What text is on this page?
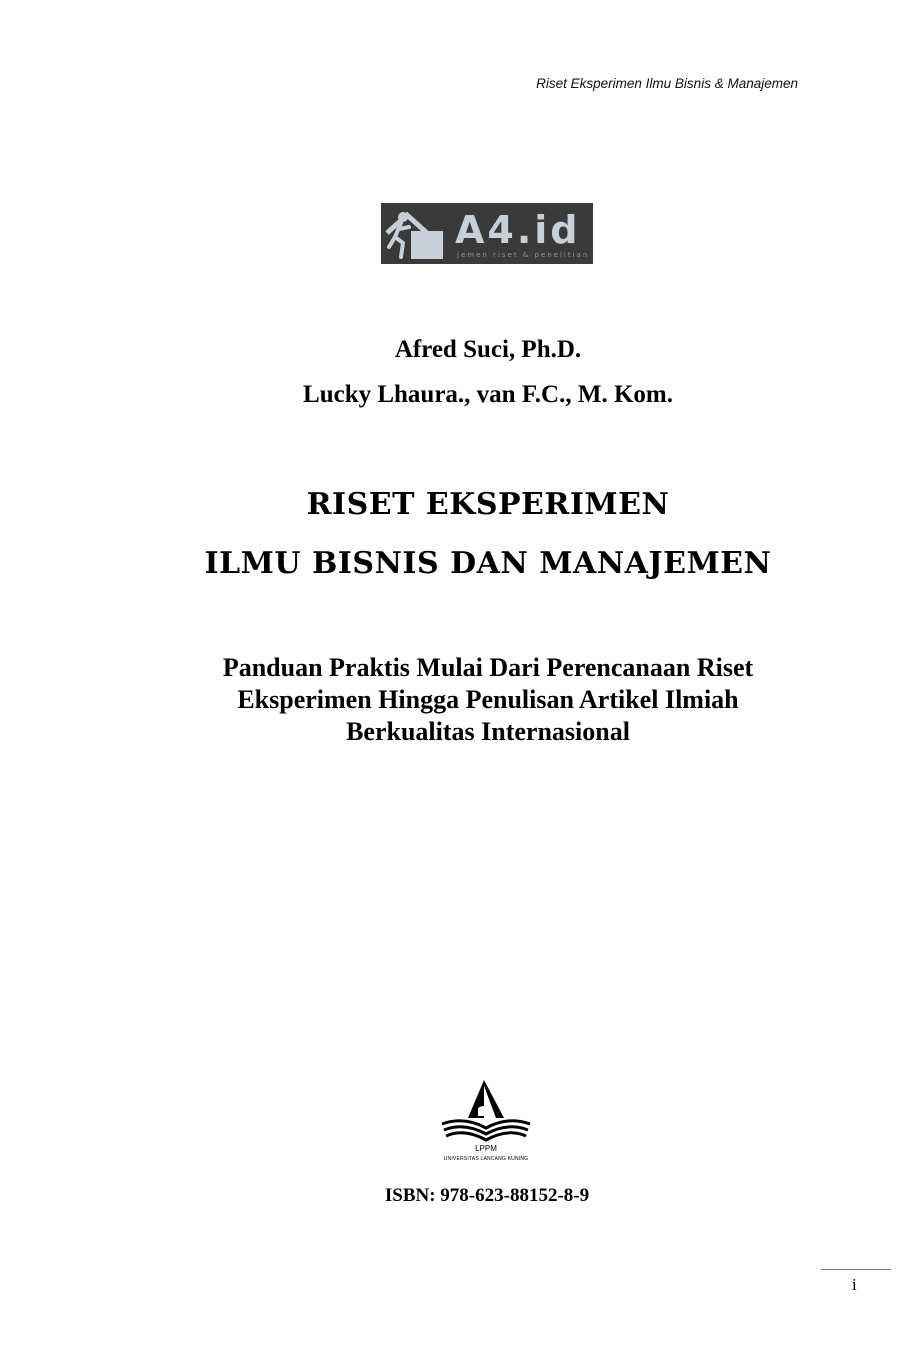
Riset Eksperimen Ilmu Bisnis & Manajemen
A4.id
jemen riset & penelitian
Afred Suci, Ph.D.
Lucky Lhaura., van F.C., M. Kom.
RISET EKSPERIMEN
ILMU BISNIS DAN MANAJEMEN
Panduan Praktis Mulai Dari Perencanaan Riset
Eksperimen Hingga Penulisan Artikel Ilmiah
Berkualitas Internasional
LPPM
UNIVERSITAS LANCANG KUNING
ISBN: 978-623-88152-8-9
i
